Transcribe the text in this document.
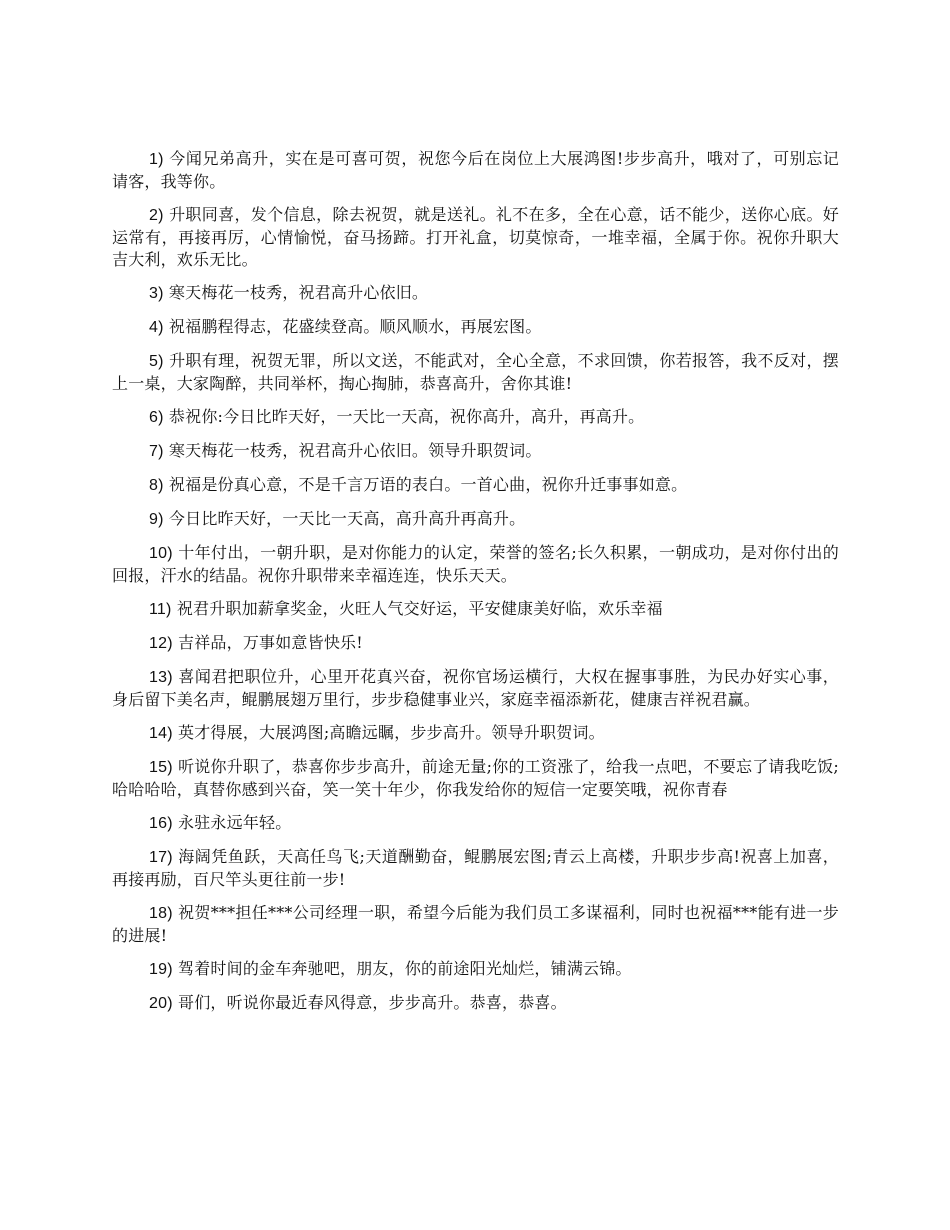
1) 今闻兄弟高升，实在是可喜可贺，祝您今后在岗位上大展鸿图!步步高升，哦对了，可别忘记请客，我等你。

2) 升职同喜，发个信息，除去祝贺，就是送礼。礼不在多，全在心意，话不能少，送你心底。好运常有，再接再厉，心情愉悦，奋马扬蹄。打开礼盒，切莫惊奇，一堆幸福，全属于你。祝你升职大吉大利，欢乐无比。

3) 寒天梅花一枝秀，祝君高升心依旧。

4) 祝福鹏程得志，花盛续登高。顺风顺水，再展宏图。

5) 升职有理，祝贺无罪，所以文送，不能武对，全心全意，不求回馈，你若报答，我不反对，摆上一桌，大家陶醉，共同举杯，掏心掏肺，恭喜高升，舍你其谁!

6) 恭祝你:今日比昨天好，一天比一天高，祝你高升，高升，再高升。

7) 寒天梅花一枝秀，祝君高升心依旧。领导升职贺词。

8) 祝福是份真心意，不是千言万语的表白。一首心曲，祝你升迁事事如意。

9) 今日比昨天好，一天比一天高，高升高升再高升。

10) 十年付出，一朝升职，是对你能力的认定，荣誉的签名;长久积累，一朝成功，是对你付出的回报，汗水的结晶。祝你升职带来幸福连连，快乐天天。

11) 祝君升职加薪拿奖金，火旺人气交好运，平安健康美好临，欢乐幸福

12) 吉祥品，万事如意皆快乐!

13) 喜闻君把职位升，心里开花真兴奋，祝你官场运横行，大权在握事事胜，为民办好实心事，身后留下美名声，鲲鹏展翅万里行，步步稳健事业兴，家庭幸福添新花，健康吉祥祝君赢。

14) 英才得展，大展鸿图;高瞻远瞩，步步高升。领导升职贺词。

15) 听说你升职了，恭喜你步步高升，前途无量;你的工资涨了，给我一点吧，不要忘了请我吃饭;哈哈哈哈，真替你感到兴奋，笑一笑十年少，你我发给你的短信一定要笑哦，祝你青春

16) 永驻永远年轻。

17) 海阔凭鱼跃，天高任鸟飞;天道酬勤奋，鲲鹏展宏图;青云上高楼，升职步步高!祝喜上加喜，再接再励，百尺竿头更往前一步!

18) 祝贺***担任***公司经理一职，希望今后能为我们员工多谋福利，同时也祝福***能有进一步的进展!

19) 驾着时间的金车奔驰吧，朋友，你的前途阳光灿烂，铺满云锦。

20) 哥们，听说你最近春风得意，步步高升。恭喜，恭喜。
